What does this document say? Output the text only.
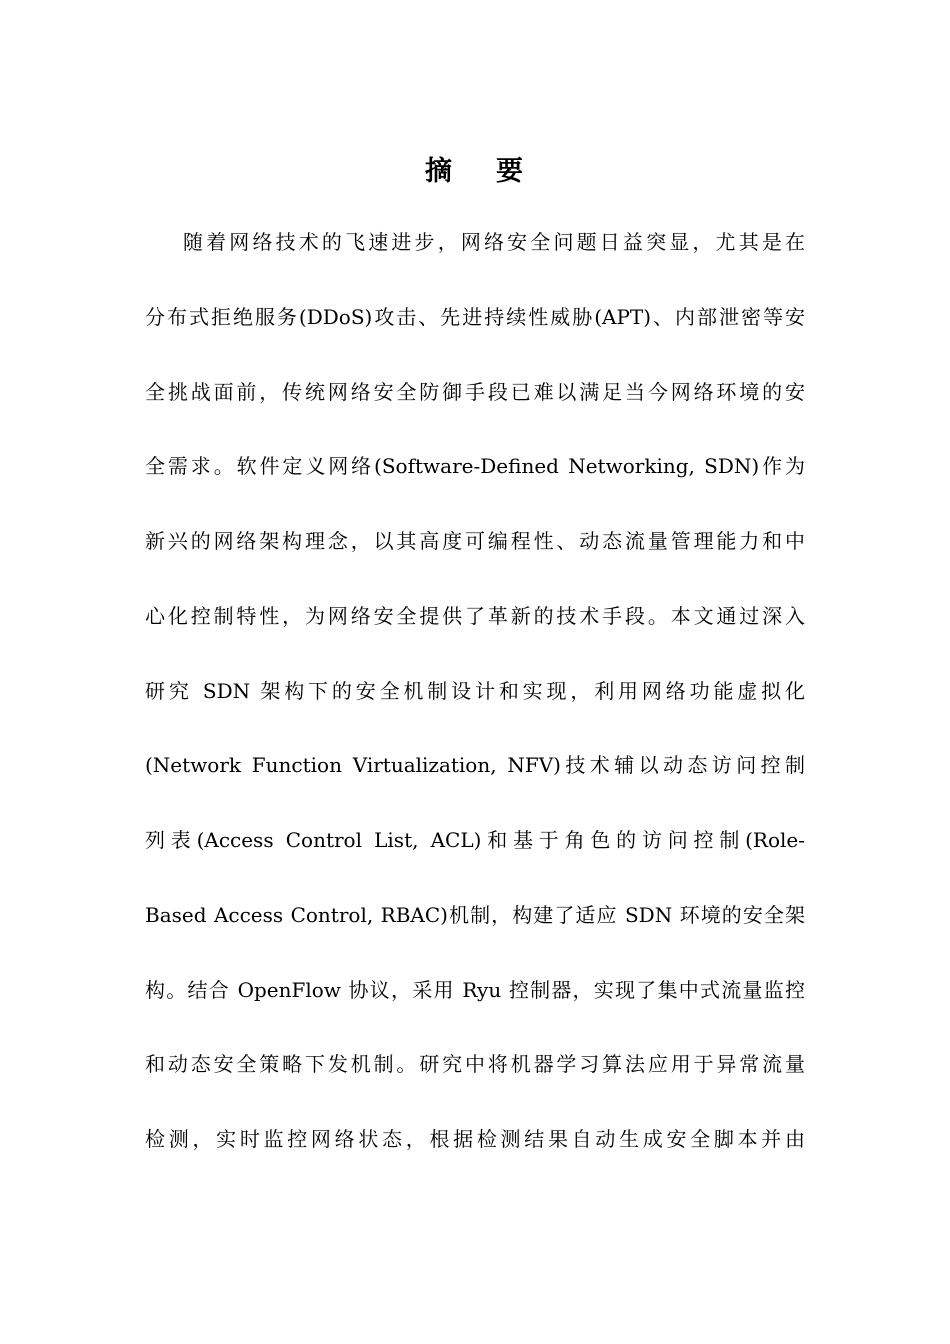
摘 要
随着网络技术的飞速进步，网络安全问题日益突显，尤其是在
分布式拒绝服务(DDoS)攻击、先进持续性威胁(APT)、内部泄密等安
全挑战面前，传统网络安全防御手段已难以满足当今网络环境的安
全需求。软件定义网络(Software-Defined Networking, SDN)作为
新兴的网络架构理念，以其高度可编程性、动态流量管理能力和中
心化控制特性，为网络安全提供了革新的技术手段。本文通过深入
研究 SDN 架构下的安全机制设计和实现，利用网络功能虚拟化
(Network Function Virtualization, NFV)技术辅以动态访问控制
列表(Access Control List, ACL)和基于角色的访问控制(Role-
Based Access Control, RBAC)机制，构建了适应 SDN 环境的安全架
构。结合 OpenFlow 协议，采用 Ryu 控制器，实现了集中式流量监控
和动态安全策略下发机制。研究中将机器学习算法应用于异常流量
检测，实时监控网络状态，根据检测结果自动生成安全脚本并由
